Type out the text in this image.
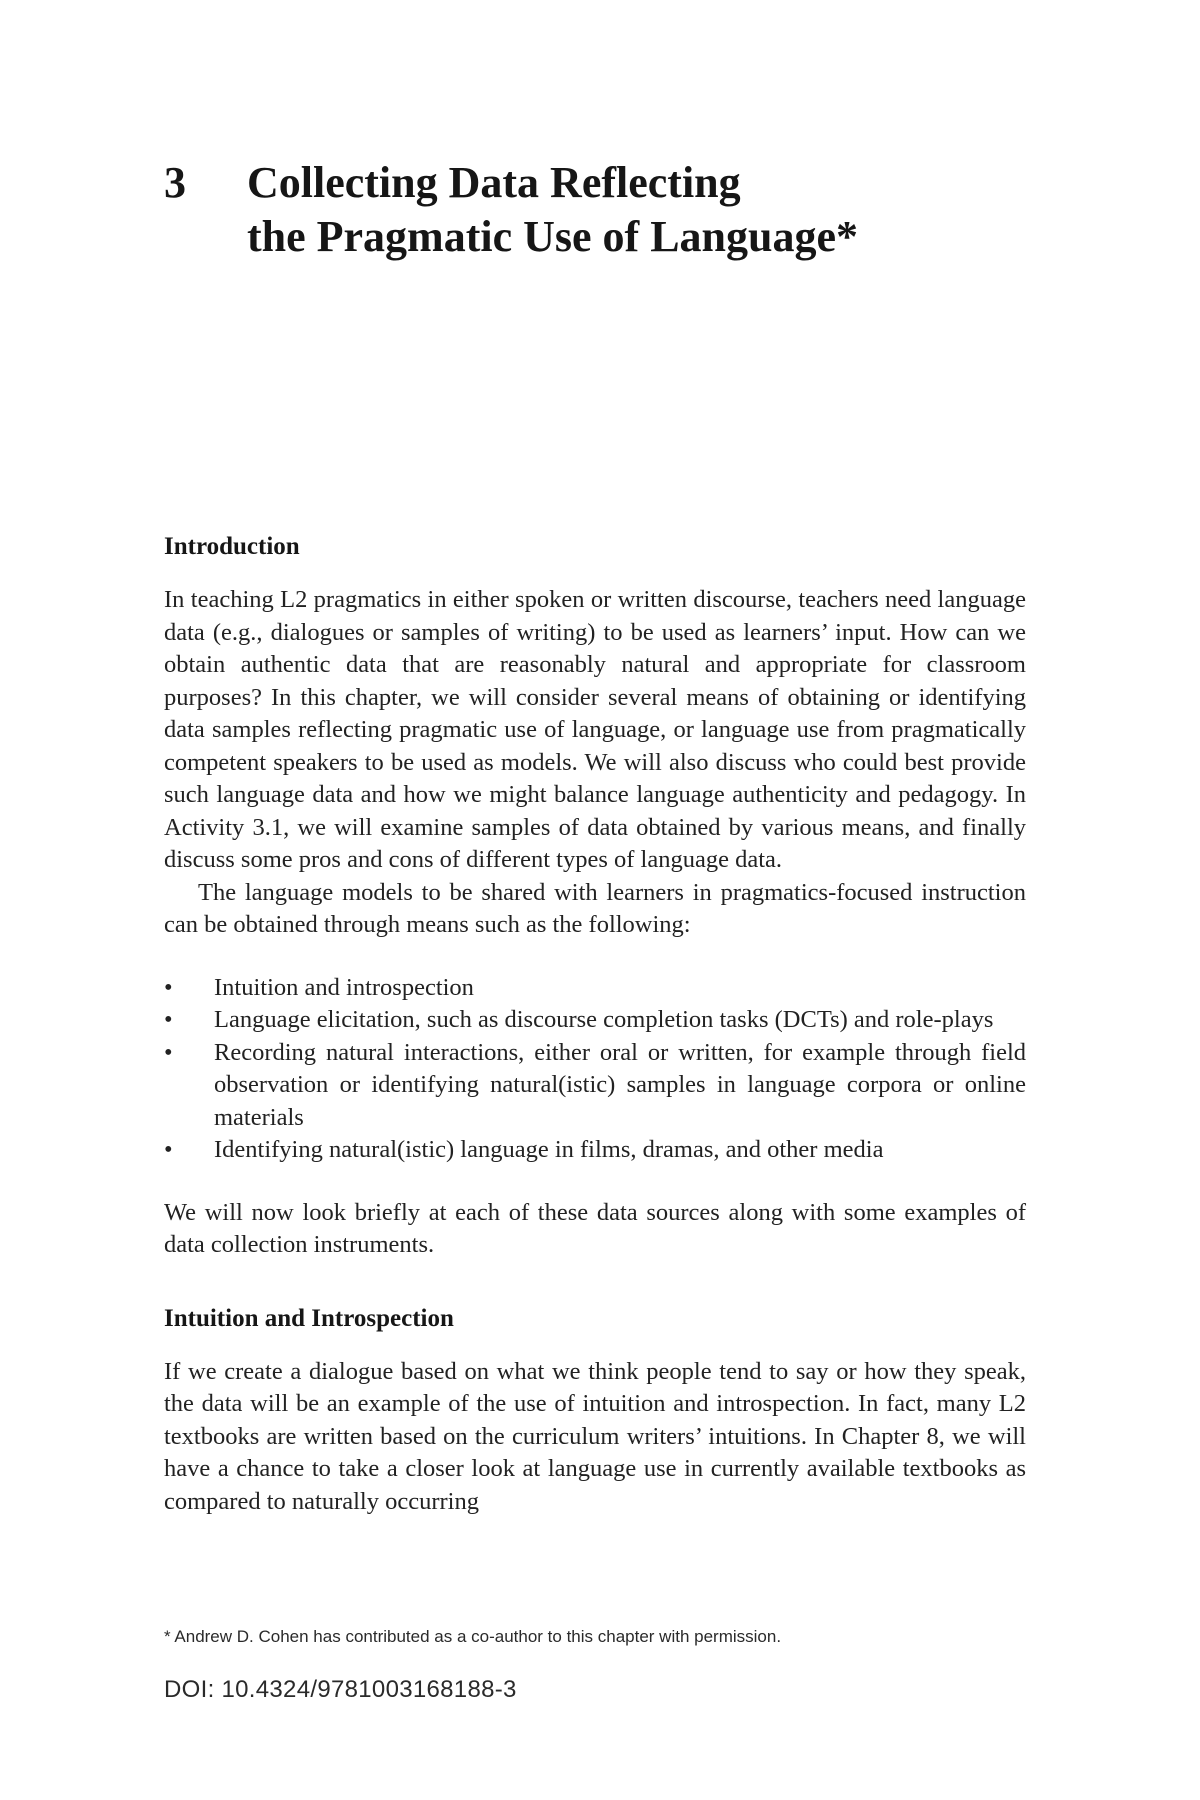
3	Collecting Data Reflecting
the Pragmatic Use of Language*
Introduction

In teaching L2 pragmatics in either spoken or written discourse, teachers need language data (e.g., dialogues or samples of writing) to be used as learners’ input. How can we obtain authentic data that are reasonably natural and appropriate for classroom purposes? In this chapter, we will consider several means of obtaining or identifying data samples reflecting pragmatic use of language, or language use from pragmatically competent speakers to be used as models. We will also discuss who could best provide such language data and how we might balance language authenticity and pedagogy. In Activity 3.1, we will examine samples of data obtained by various means, and finally discuss some pros and cons of different types of language data.

The language models to be shared with learners in pragmatics-focused instruction can be obtained through means such as the following:

• Intuition and introspection
• Language elicitation, such as discourse completion tasks (DCTs) and role-plays
• Recording natural interactions, either oral or written, for example through field observation or identifying natural(istic) samples in language corpora or online materials
• Identifying natural(istic) language in films, dramas, and other media

We will now look briefly at each of these data sources along with some examples of data collection instruments.

Intuition and Introspection

If we create a dialogue based on what we think people tend to say or how they speak, the data will be an example of the use of intuition and introspection. In fact, many L2 textbooks are written based on the curriculum writers’ intuitions. In Chapter 8, we will have a chance to take a closer look at language use in currently available textbooks as compared to naturally occurring

* Andrew D. Cohen has contributed as a co-author to this chapter with permission.
DOI: 10.4324/9781003168188-3
